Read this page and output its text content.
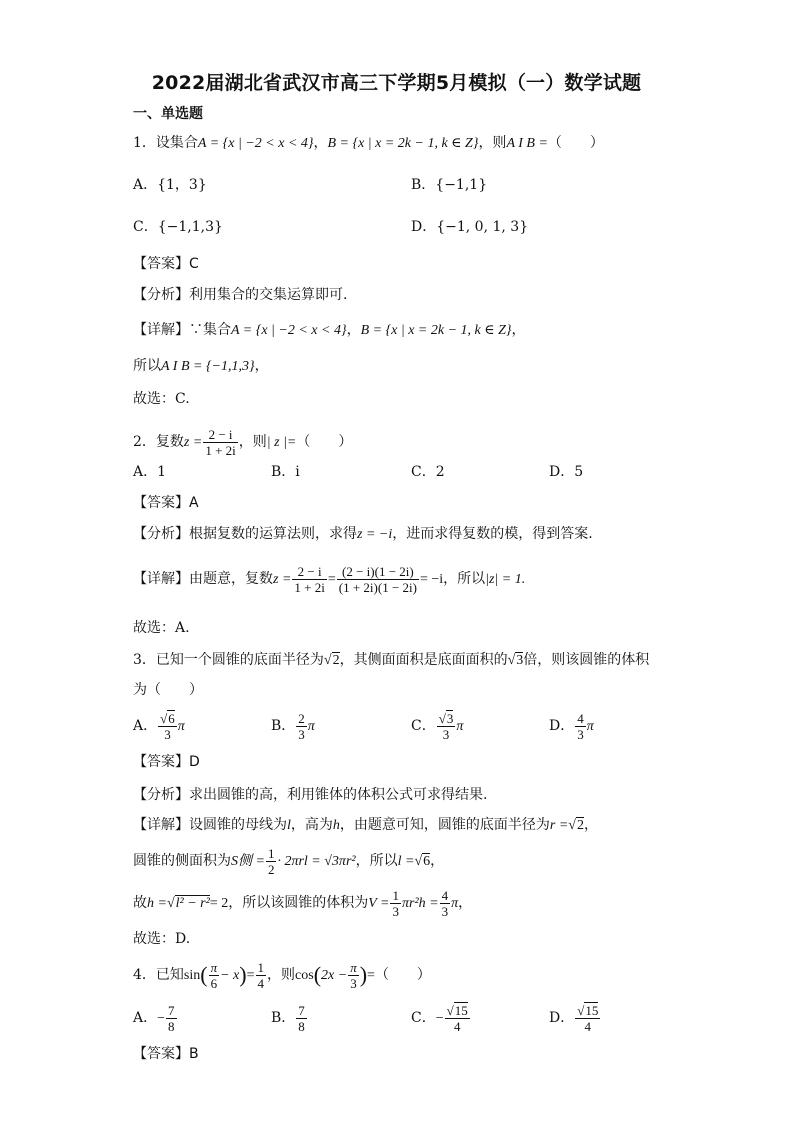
2022届湖北省武汉市高三下学期5月模拟（一）数学试题
一、单选题
1．设集合A = {x | −2 < x < 4}，B = {x | x = 2k − 1, k ∈ Z}，则A I B =（　　）
A．{1，3}	B．{−1,1}
C．{−1,1,3}	D．{−1, 0, 1, 3}
【答案】C
【分析】利用集合的交集运算即可.
【详解】∵集合A = {x | −2 < x < 4}，B = {x | x = 2k − 1, k ∈ Z}，
所以A I B = {−1,1,3}，
故选：C.
2．复数$z = \frac{2 - i}{1 + 2i}$ ，则| z |=（　　）
A．1	B．i	C．2	D．5
【答案】A
【分析】根据复数的运算法则，求得z = −i，进而求得复数的模，得到答案.
【详解】由题意，复数$z = \frac{2 - i}{1 + 2i} = \frac{(2 - i)(1 - 2i)}{(1 + 2i)(1 - 2i)} = -i$，所以|z| = 1.
故选：A.
3．已知一个圆锥的底面半径为√2，其侧面面积是底面面积的√3倍，则该圆锥的体积
为（　　）
A． $\frac{√6}{3}$ π	B． $\frac{2}{3}$ π	C． $\frac{√3}{3}$ π	D． $\frac{4}{3}$ π
【答案】D
【分析】求出圆锥的高，利用锥体的体积公式可求得结果.
【详解】设圆锥的母线为l，高为h，由题意可知，圆锥的底面半径为r =√2，
圆锥的侧面积为S侧 = $\frac{1}{2} \cdot 2\pi rl = √3\pi r^2$，所以l =√6，
故h =√l² − r²= 2，所以该圆锥的体积为$V = \frac{1}{3} \pi r^2h = \frac{4}{3}$ π，
故选：D.
4．已知$\sin( \frac{\pi}{6} - x)= \frac{1}{4}$ ，则$\cos(2x - \frac{\pi}{3}$ )=（　　）
A．− $\frac{7}{8}$	B． $\frac{7}{8}$	C．− $\frac{√15}{4}$	D． $\frac{√15}{4}$
【答案】B
